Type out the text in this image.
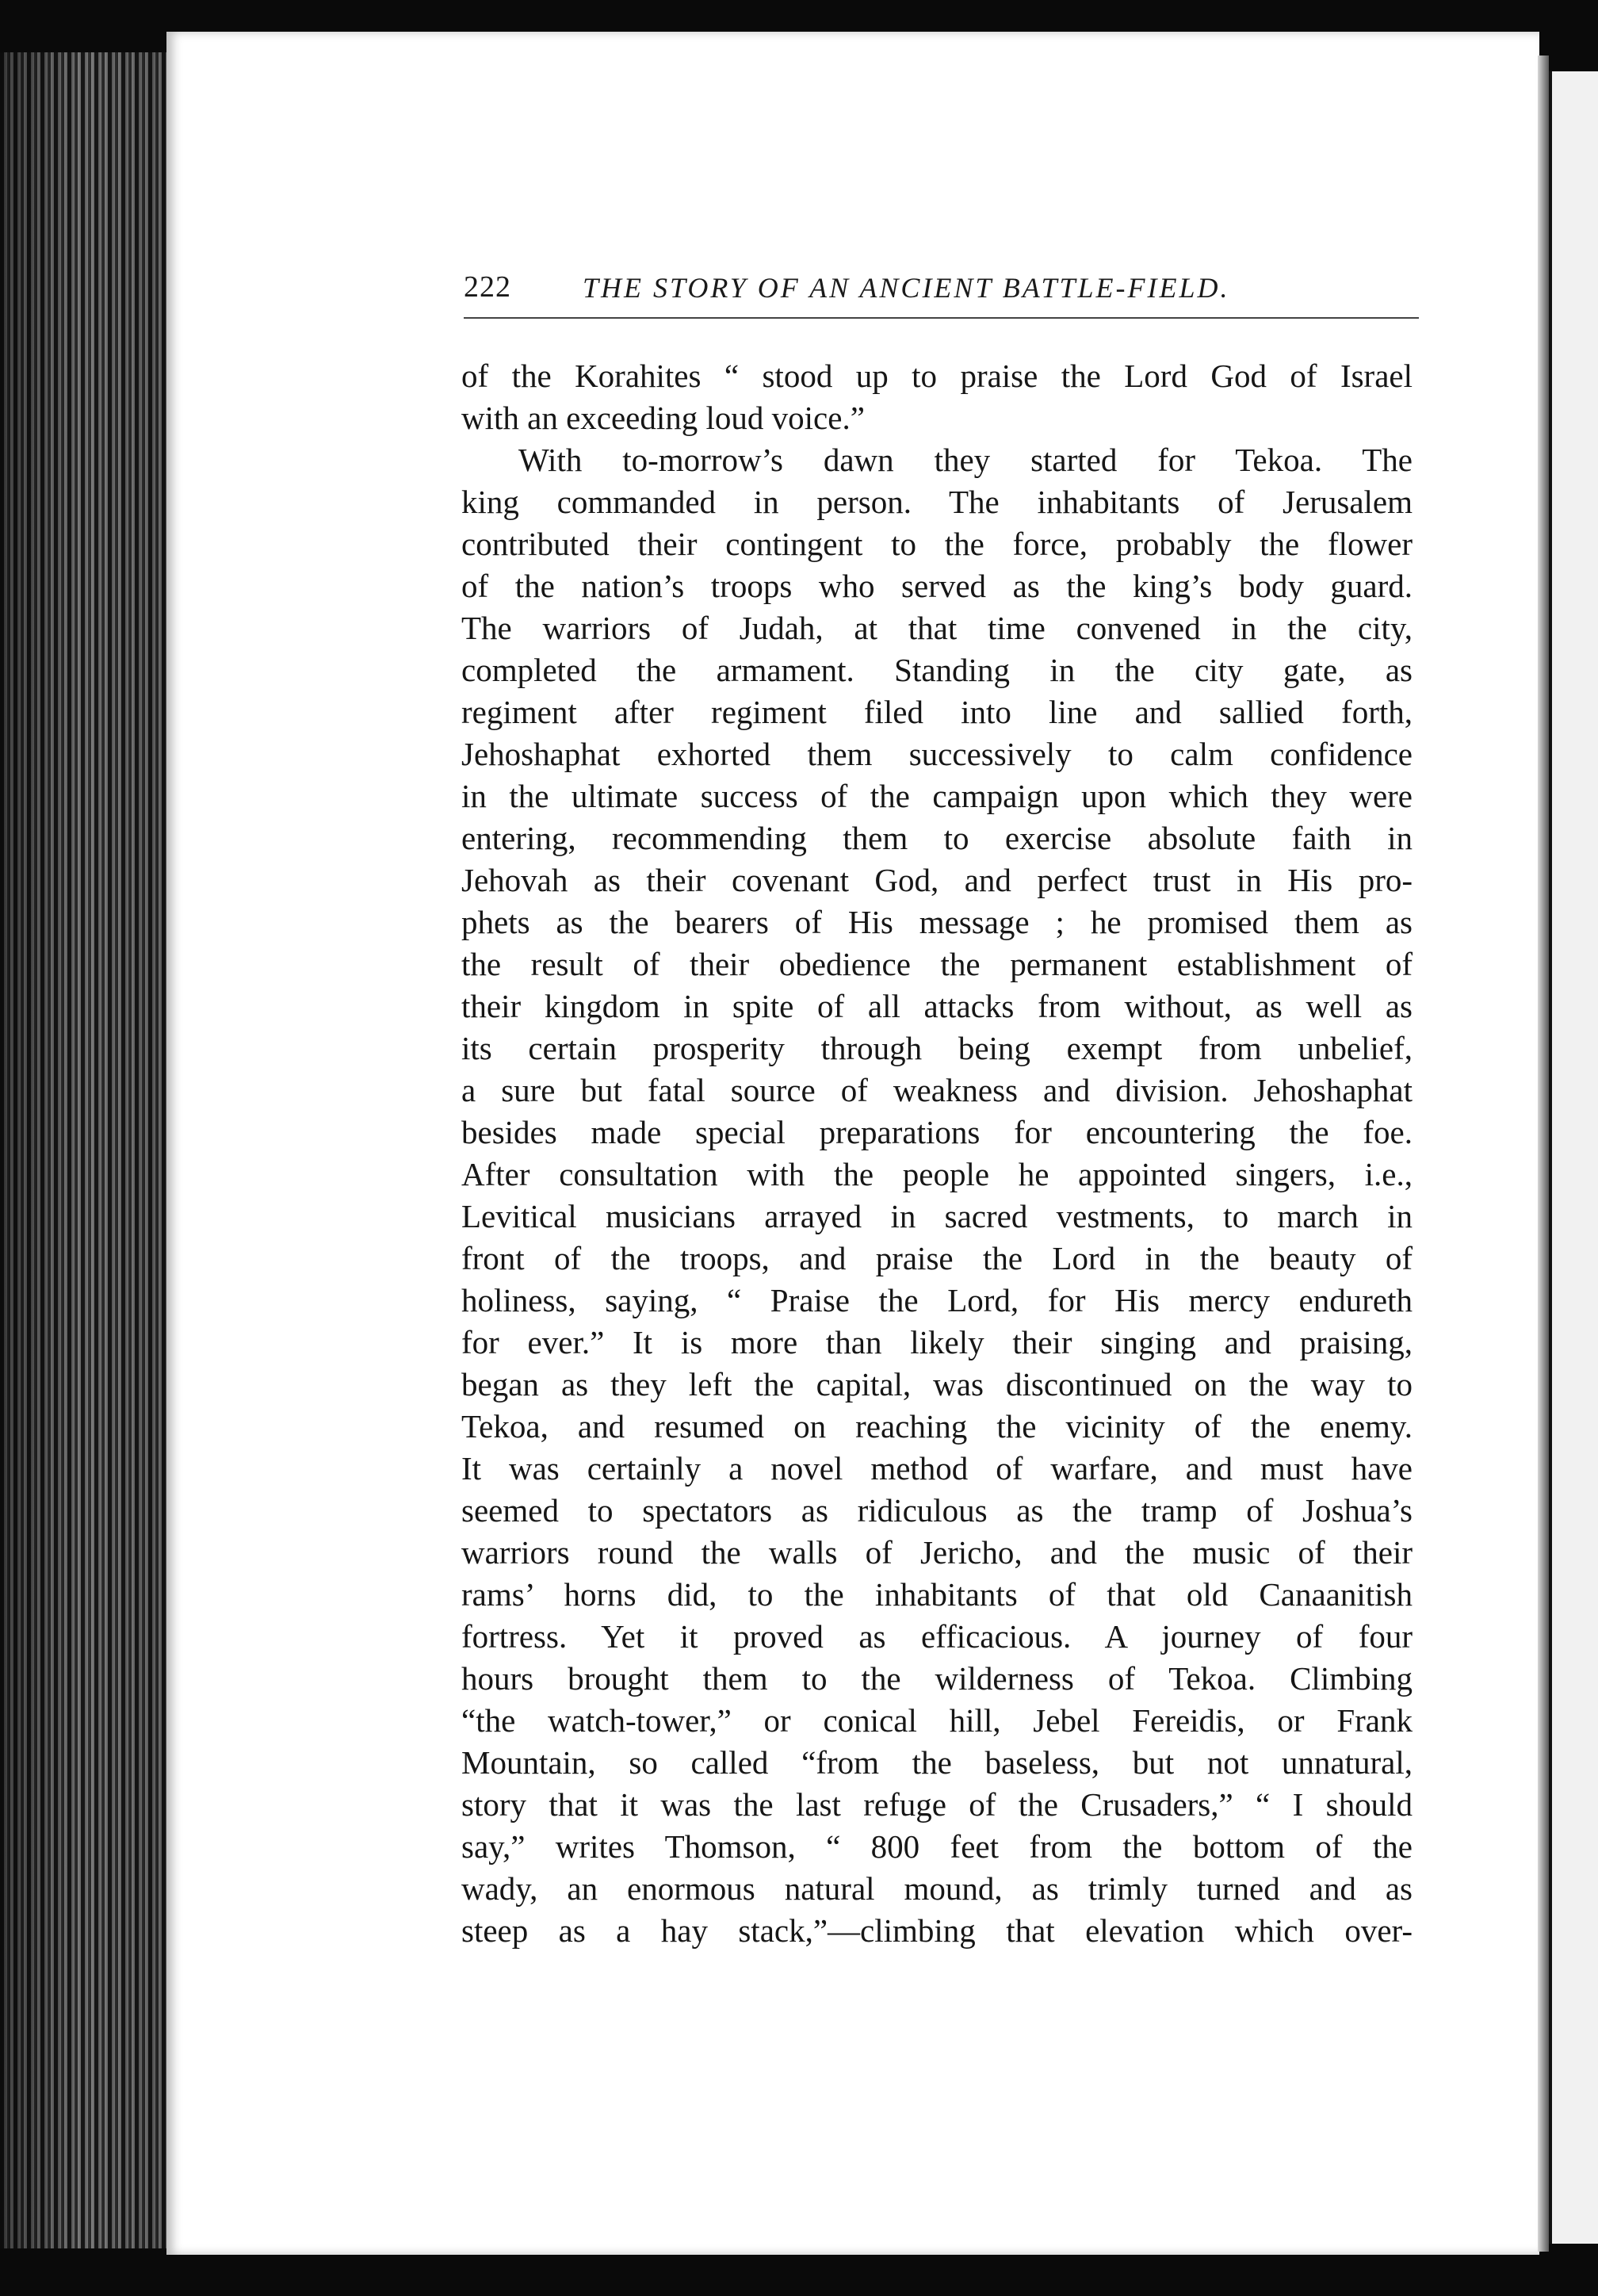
222	THE STORY OF AN ANCIENT BATTLE-FIELD.
of the Korahites “ stood up to praise the Lord God of Israel
with an exceeding loud voice.”
With to-morrow’s dawn they started for Tekoa. The
king commanded in person. The inhabitants of Jerusalem
contributed their contingent to the force, probably the flower
of the nation’s troops who served as the king’s body guard.
The warriors of Judah, at that time convened in the city,
completed the armament. Standing in the city gate, as
regiment after regiment filed into line and sallied forth,
Jehoshaphat exhorted them successively to calm confidence
in the ultimate success of the campaign upon which they were
entering, recommending them to exercise absolute faith in
Jehovah as their covenant God, and perfect trust in His pro-
phets as the bearers of His message ; he promised them as
the result of their obedience the permanent establishment of
their kingdom in spite of all attacks from without, as well as
its certain prosperity through being exempt from unbelief,
a sure but fatal source of weakness and division. Jehoshaphat
besides made special preparations for encountering the foe.
After consultation with the people he appointed singers, i.e.,
Levitical musicians arrayed in sacred vestments, to march in
front of the troops, and praise the Lord in the beauty of
holiness, saying, “ Praise the Lord, for His mercy endureth
for ever.” It is more than likely their singing and praising,
began as they left the capital, was discontinued on the way to
Tekoa, and resumed on reaching the vicinity of the enemy.
It was certainly a novel method of warfare, and must have
seemed to spectators as ridiculous as the tramp of Joshua’s
warriors round the walls of Jericho, and the music of their
rams’ horns did, to the inhabitants of that old Canaanitish
fortress. Yet it proved as efficacious. A journey of four
hours brought them to the wilderness of Tekoa. Climbing
“the watch-tower,” or conical hill, Jebel Fereidis, or Frank
Mountain, so called “from the baseless, but not unnatural,
story that it was the last refuge of the Crusaders,” “ I should
say,” writes Thomson, “ 800 feet from the bottom of the
wady, an enormous natural mound, as trimly turned and as
steep as a hay stack,”—climbing that elevation which over-
